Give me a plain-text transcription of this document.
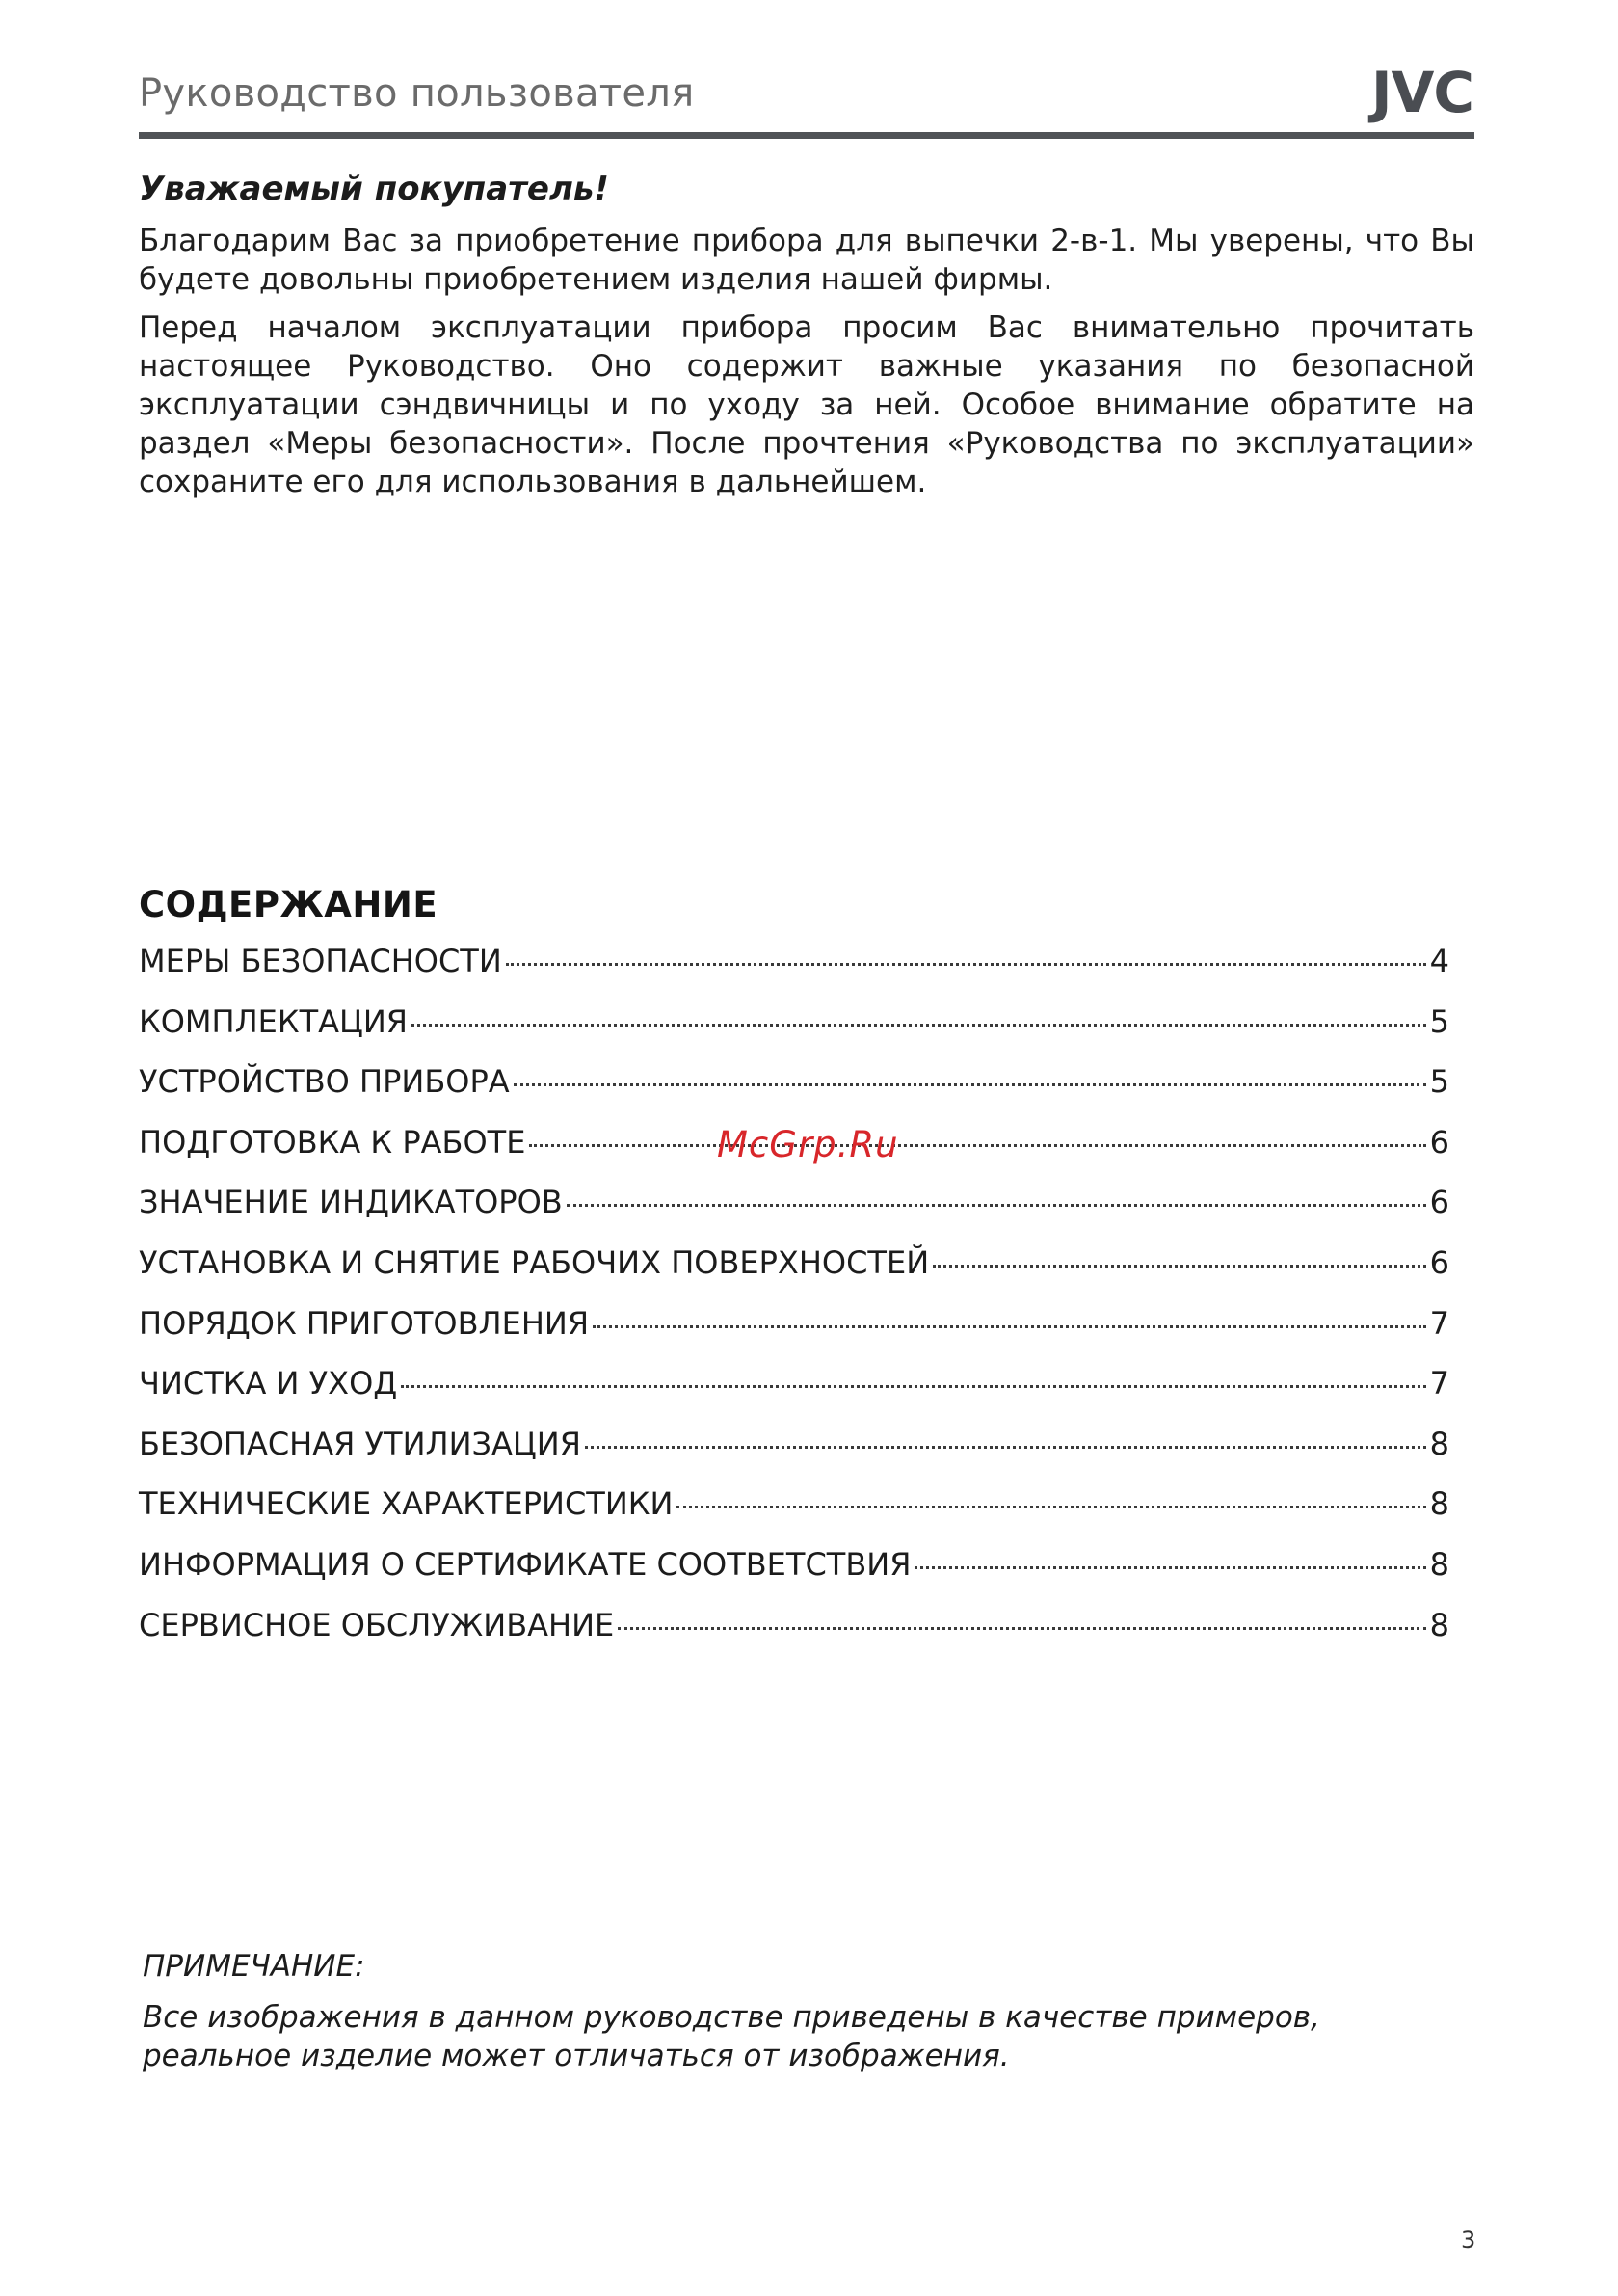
Руководство пользователя	JVC
Уважаемый покупатель!

Благодарим Вас за приобретение прибора для выпечки 2-в-1. Мы уверены, что Вы будете довольны приобретением изделия нашей фирмы.

Перед началом эксплуатации прибора просим Вас внимательно прочитать настоящее Руководство. Оно содержит важные указания по безопасной эксплуатации сэндвичницы и по уходу за ней. Особое внимание обратите на раздел «Меры безопасности». После прочтения «Руководства по эксплуатации» сохраните его для использования в дальнейшем.

СОДЕРЖАНИЕ
МЕРЫ БЕЗОПАСНОСТИ	4
КОМПЛЕКТАЦИЯ	5
УСТРОЙСТВО ПРИБОРА	5
ПОДГОТОВКА К РАБОТЕ	6
ЗНАЧЕНИЕ ИНДИКАТОРОВ	6
УСТАНОВКА И СНЯТИЕ РАБОЧИХ ПОВЕРХНОСТЕЙ	6
ПОРЯДОК ПРИГОТОВЛЕНИЯ	7
ЧИСТКА И УХОД	7
БЕЗОПАСНАЯ УТИЛИЗАЦИЯ	8
ТЕХНИЧЕСКИЕ ХАРАКТЕРИСТИКИ	8
ИНФОРМАЦИЯ О СЕРТИФИКАТЕ СООТВЕТСТВИЯ	8
СЕРВИСНОЕ ОБСЛУЖИВАНИЕ	8
McGrp.Ru
ПРИМЕЧАНИЕ:

Все изображения в данном руководстве приведены в качестве примеров, реальное изделие может отличаться от изображения.

3
